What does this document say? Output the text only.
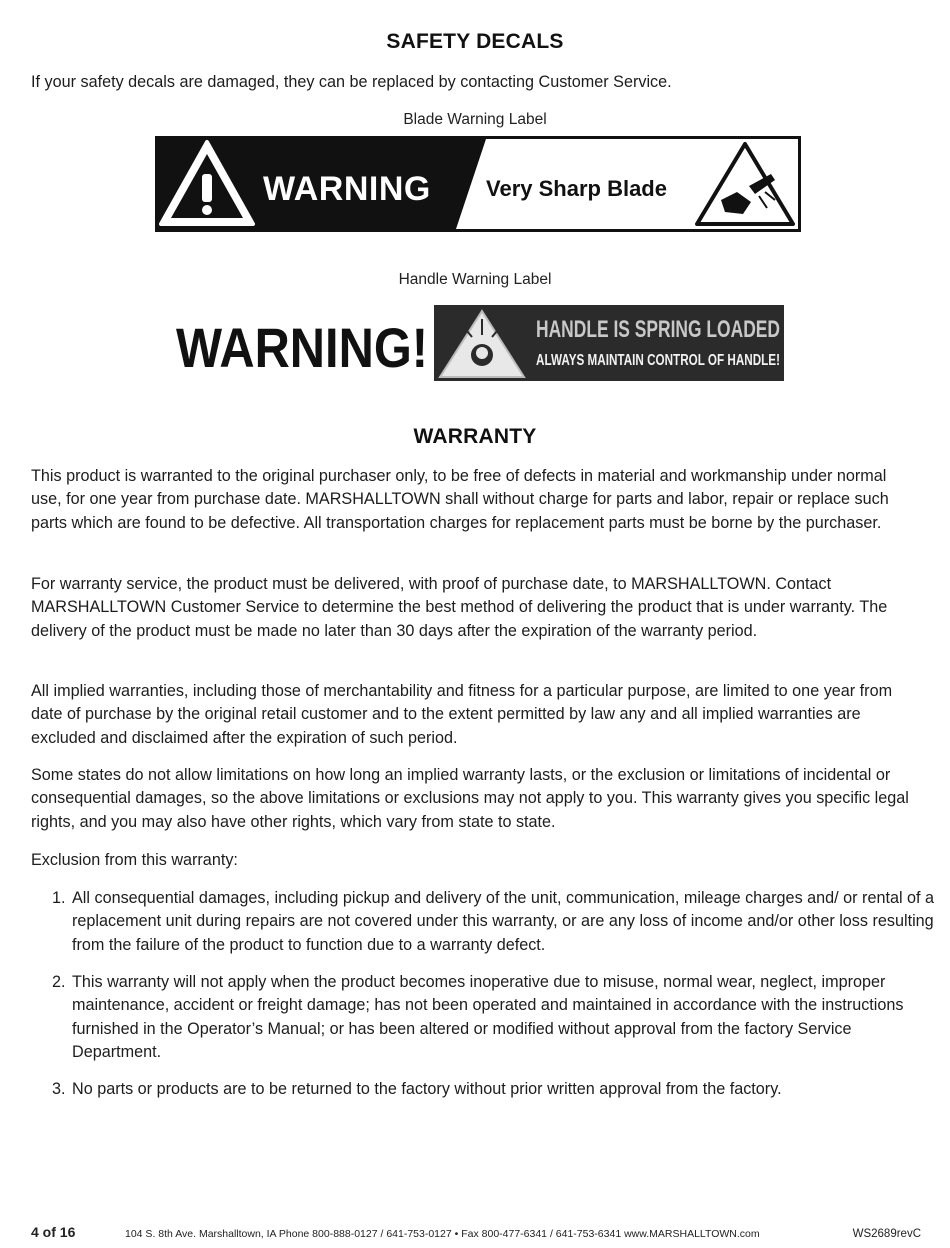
SAFETY DECALS
If your safety decals are damaged, they can be replaced by contacting Customer Service.
Blade Warning Label
WARNING	Very Sharp Blade
Handle Warning Label
WARNING!	HANDLE IS SPRING LOADED
ALWAYS MAINTAIN CONTROL OF HANDLE!
WARRANTY
This product is warranted to the original purchaser only, to be free of defects in material and workmanship under normal use, for one year from purchase date. MARSHALLTOWN shall without charge for parts and labor, repair or replace such parts which are found to be defective. All transportation charges for replacement parts must be borne by the purchaser.
For warranty service, the product must be delivered, with proof of purchase date, to MARSHALLTOWN. Contact MARSHALLTOWN Customer Service to determine the best method of delivering the product that is under warranty. The delivery of the product must be made no later than 30 days after the expiration of the warranty period.
All implied warranties, including those of merchantability and fitness for a particular purpose, are limited to one year from date of purchase by the original retail customer and to the extent permitted by law any and all implied warranties are excluded and disclaimed after the expiration of such period.
Some states do not allow limitations on how long an implied warranty lasts, or the exclusion or limitations of incidental or consequential damages, so the above limitations or exclusions may not apply to you. This warranty gives you specific legal rights, and you may also have other rights, which vary from state to state.
Exclusion from this warranty:
1. All consequential damages, including pickup and delivery of the unit, communication, mileage charges and/ or rental of a replacement unit during repairs are not covered under this warranty, or are any loss of income and/or other loss resulting from the failure of the product to function due to a warranty defect.
2. This warranty will not apply when the product becomes inoperative due to misuse, normal wear, neglect, improper maintenance, accident or freight damage; has not been operated and maintained in accordance with the instructions furnished in the Operator’s Manual; or has been altered or modified without approval from the factory Service Department.
3. No parts or products are to be returned to the factory without prior written approval from the factory.
4 of 16	104 S. 8th Ave. Marshalltown, IA Phone 800-888-0127 / 641-753-0127 • Fax 800-477-6341 / 641-753-6341 www.MARSHALLTOWN.com	WS2689revC
